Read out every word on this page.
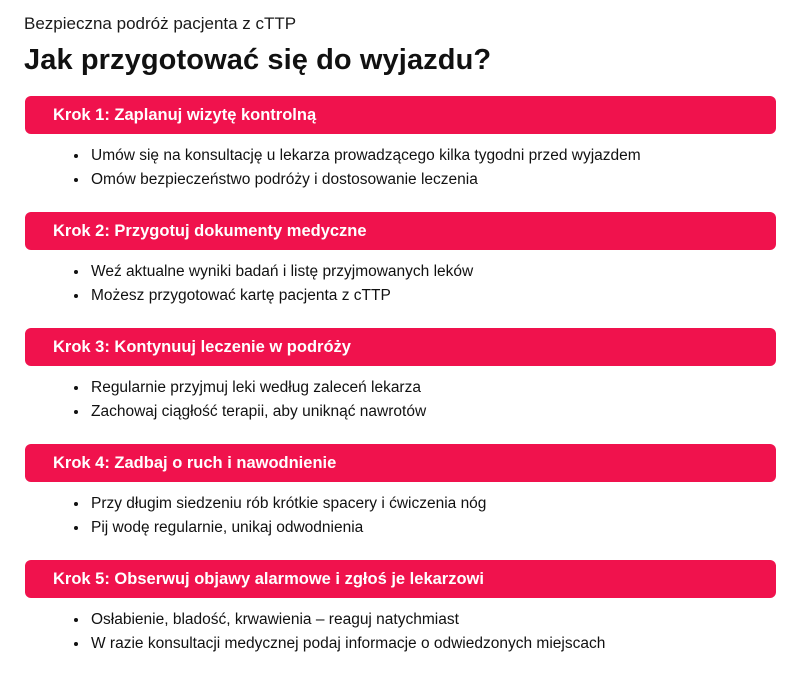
Bezpieczna podróż pacjenta z cTTP
Jak przygotować się do wyjazdu?
Krok 1: Zaplanuj wizytę kontrolną
Umów się na konsultację u lekarza prowadzącego kilka tygodni przed wyjazdem
Omów bezpieczeństwo podróży i dostosowanie leczenia
Krok 2: Przygotuj dokumenty medyczne
Weź aktualne wyniki badań i listę przyjmowanych leków
Możesz przygotować kartę pacjenta z cTTP
Krok 3: Kontynuuj leczenie w podróży
Regularnie przyjmuj leki według zaleceń lekarza
Zachowaj ciągłość terapii, aby uniknąć nawrotów
Krok 4: Zadbaj o ruch i nawodnienie
Przy długim siedzeniu rób krótkie spacery i ćwiczenia nóg
Pij wodę regularnie, unikaj odwodnienia
Krok 5: Obserwuj objawy alarmowe i zgłoś je lekarzowi
Osłabienie, bladość, krwawienia – reaguj natychmiast
W razie konsultacji medycznej podaj informacje o odwiedzonych miejscach
